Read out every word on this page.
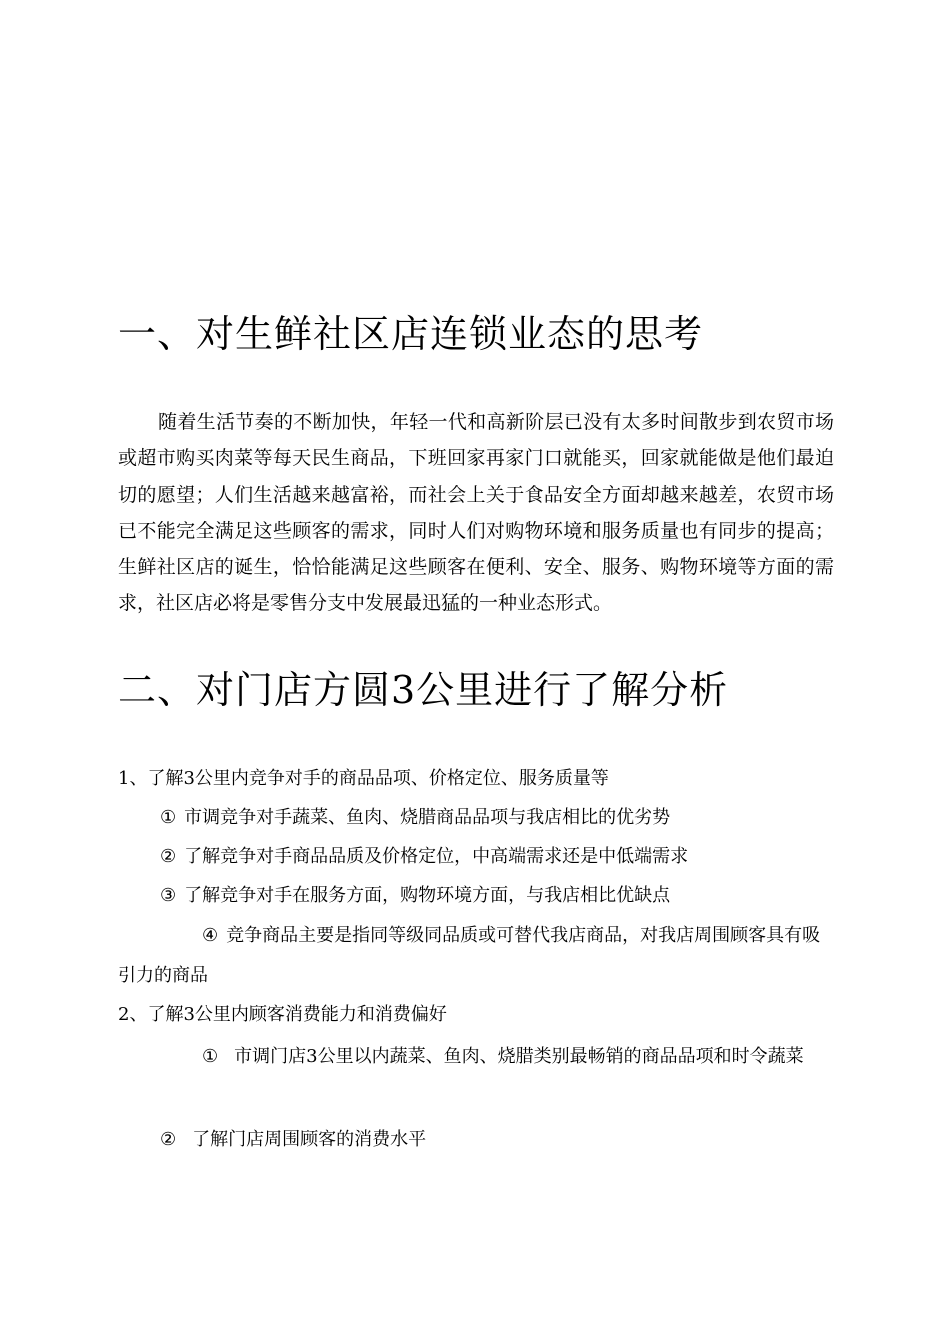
一、对生鲜社区店连锁业态的思考

随着生活节奏的不断加快，年轻一代和高新阶层已没有太多时间散步到农贸市场或超市购买肉菜等每天民生商品，下班回家再家门口就能买，回家就能做是他们最迫切的愿望；人们生活越来越富裕，而社会上关于食品安全方面却越来越差，农贸市场已不能完全满足这些顾客的需求，同时人们对购物环境和服务质量也有同步的提高；生鲜社区店的诞生，恰恰能满足这些顾客在便利、安全、服务、购物环境等方面的需求，社区店必将是零售分支中发展最迅猛的一种业态形式。

二、对门店方圆3公里进行了解分析

1、了解3公里内竞争对手的商品品项、价格定位、服务质量等

① 市调竞争对手蔬菜、鱼肉、烧腊商品品项与我店相比的优劣势

② 了解竞争对手商品品质及价格定位，中高端需求还是中低端需求

③ 了解竞争对手在服务方面，购物环境方面，与我店相比优缺点

④ 竞争商品主要是指同等级同品质或可替代我店商品，对我店周围顾客具有吸引力的商品

2、了解3公里内顾客消费能力和消费偏好

① 市调门店3公里以内蔬菜、鱼肉、烧腊类别最畅销的商品品项和时令蔬菜

② 了解门店周围顾客的消费水平
